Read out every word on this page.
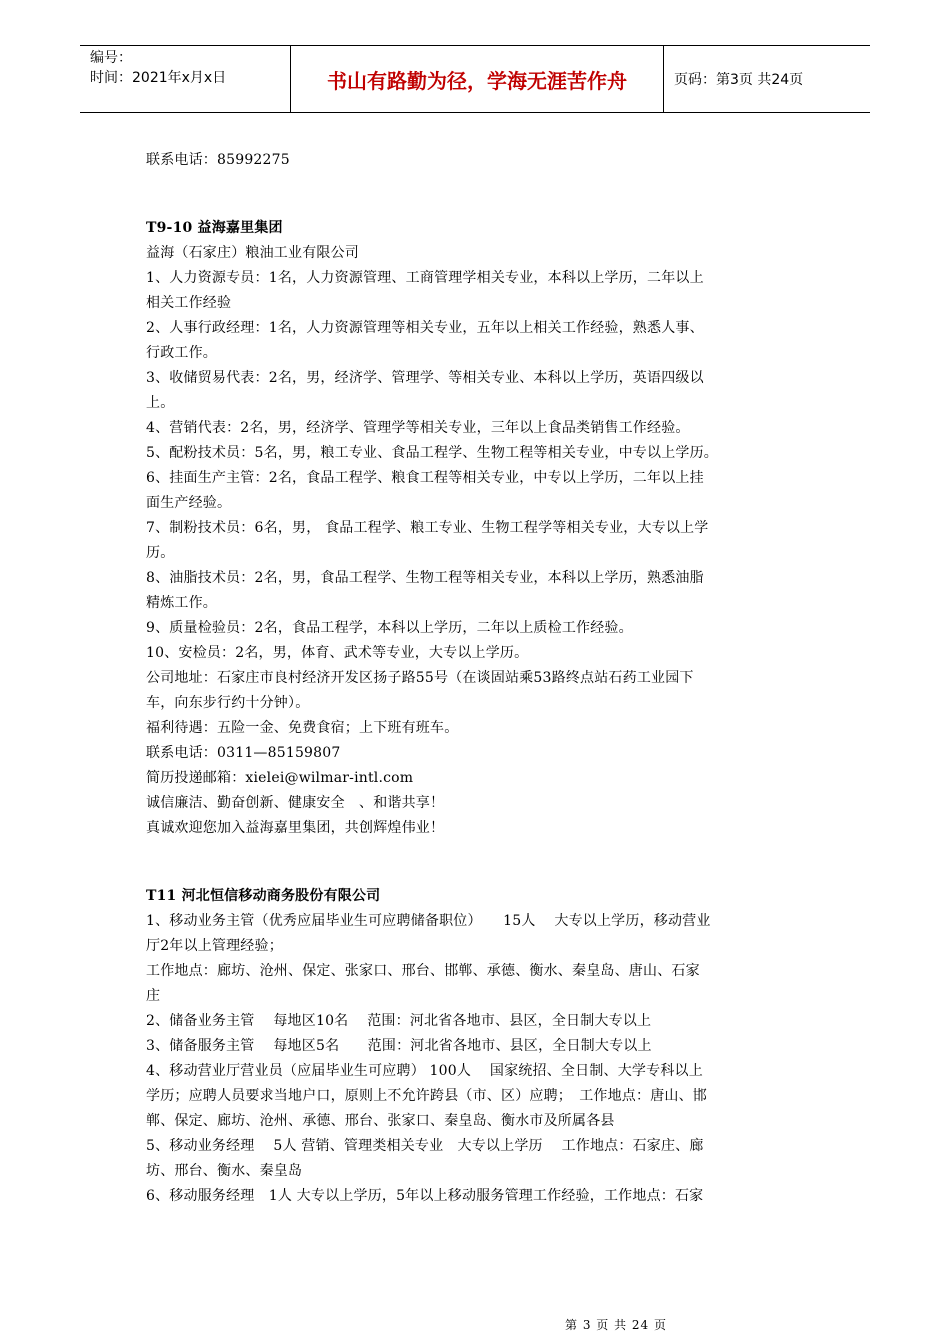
编号：
时间：2021年x月x日	书山有路勤为径，学海无涯苦作舟	页码：第3页 共24页

联系电话：85992275

T9-10 益海嘉里集团

益海（石家庄）粮油工业有限公司

1、人力资源专员：1名，人力资源管理、工商管理学相关专业，本科以上学历，二年以上

相关工作经验

2、人事行政经理：1名，人力资源管理等相关专业，五年以上相关工作经验，熟悉人事、

行政工作。

3、收储贸易代表：2名，男，经济学、管理学、等相关专业、本科以上学历，英语四级以

上。

4、营销代表：2名，男，经济学、管理学等相关专业，三年以上食品类销售工作经验。

5、配粉技术员：5名，男，粮工专业、食品工程学、生物工程等相关专业，中专以上学历。

6、挂面生产主管：2名，食品工程学、粮食工程等相关专业，中专以上学历，二年以上挂

面生产经验。

7、制粉技术员：6名，男， 食品工程学、粮工专业、生物工程学等相关专业，大专以上学

历。

8、油脂技术员：2名，男，食品工程学、生物工程等相关专业，本科以上学历，熟悉油脂

精炼工作。

9、质量检验员：2名，食品工程学，本科以上学历，二年以上质检工作经验。

10、安检员：2名，男，体育、武术等专业，大专以上学历。

公司地址：石家庄市良村经济开发区扬子路55号（在谈固站乘53路终点站石药工业园下

车，向东步行约十分钟）。

福利待遇：五险一金、免费食宿；上下班有班车。

联系电话：0311—85159807

简历投递邮箱：xielei@wilmar-intl.com

诚信廉洁、勤奋创新、健康安全　、和谐共享！

真诚欢迎您加入益海嘉里集团，共创辉煌伟业！

T11 河北恒信移动商务股份有限公司

1、移动业务主管（优秀应届毕业生可应聘储备职位）　　15人　 大专以上学历，移动营业

厅2年以上管理经验；

工作地点：廊坊、沧州、保定、张家口、邢台、邯郸、承德、衡水、秦皇岛、唐山、石家

庄

2、储备业务主管　 每地区10名　 范围：河北省各地市、县区，全日制大专以上

3、储备服务主管　 每地区5名　　范围：河北省各地市、县区，全日制大专以上

4、移动营业厅营业员（应届毕业生可应聘） 100人　 国家统招、全日制、大学专科以上

学历；应聘人员要求当地户口，原则上不允许跨县（市、区）应聘；　工作地点：唐山、邯

郸、保定、廊坊、沧州、承德、邢台、张家口、秦皇岛、衡水市及所属各县

5、移动业务经理　 5人 营销、管理类相关专业　大专以上学历　 工作地点：石家庄、廊

坊、邢台、衡水、秦皇岛

6、移动服务经理　1人 大专以上学历，5年以上移动服务管理工作经验，工作地点：石家

第 3 页 共 24 页
